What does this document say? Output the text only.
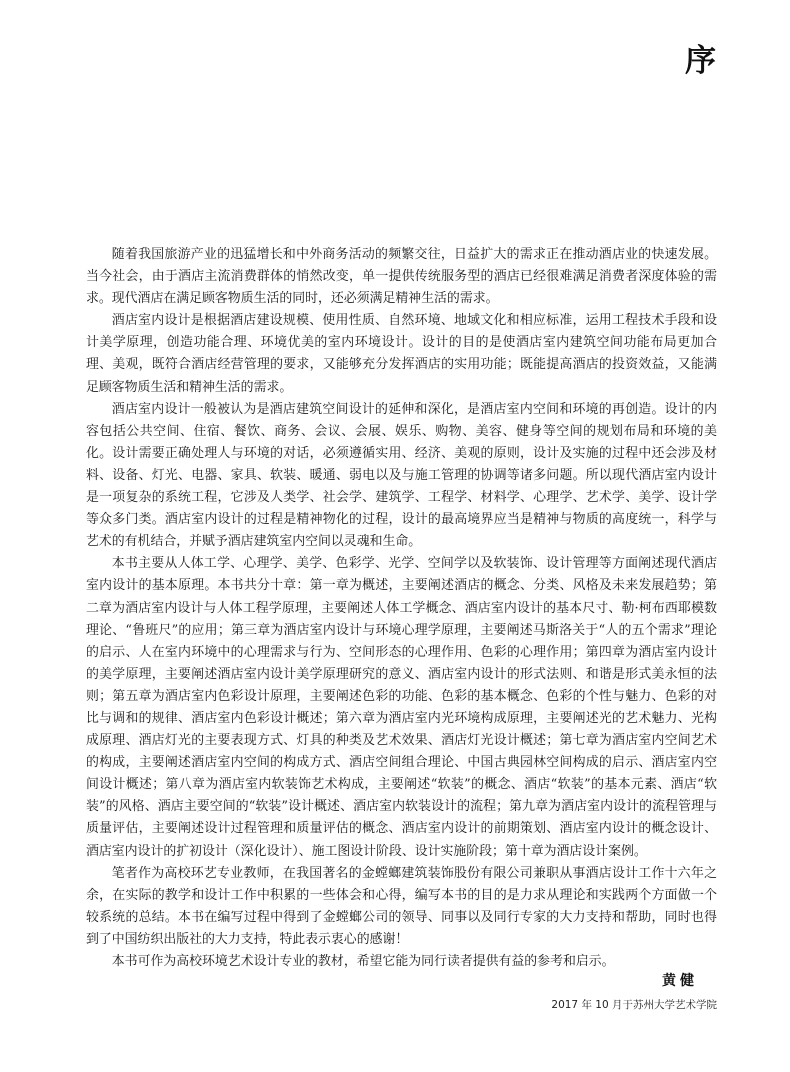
序

随着我国旅游产业的迅猛增长和中外商务活动的频繁交往，日益扩大的需求正在推动酒店业的快速发展。当今社会，由于酒店主流消费群体的悄然改变，单一提供传统服务型的酒店已经很难满足消费者深度体验的需求。现代酒店在满足顾客物质生活的同时，还必须满足精神生活的需求。

酒店室内设计是根据酒店建设规模、使用性质、自然环境、地域文化和相应标准，运用工程技术手段和设计美学原理，创造功能合理、环境优美的室内环境设计。设计的目的是使酒店室内建筑空间功能布局更加合理、美观，既符合酒店经营管理的要求，又能够充分发挥酒店的实用功能；既能提高酒店的投资效益，又能满足顾客物质生活和精神生活的需求。

酒店室内设计一般被认为是酒店建筑空间设计的延伸和深化，是酒店室内空间和环境的再创造。设计的内容包括公共空间、住宿、餐饮、商务、会议、会展、娱乐、购物、美容、健身等空间的规划布局和环境的美化。设计需要正确处理人与环境的对话，必须遵循实用、经济、美观的原则，设计及实施的过程中还会涉及材料、设备、灯光、电器、家具、软装、暖通、弱电以及与施工管理的协调等诸多问题。所以现代酒店室内设计是一项复杂的系统工程，它涉及人类学、社会学、建筑学、工程学、材料学、心理学、艺术学、美学、设计学等众多门类。酒店室内设计的过程是精神物化的过程，设计的最高境界应当是精神与物质的高度统一，科学与艺术的有机结合，并赋予酒店建筑室内空间以灵魂和生命。

本书主要从人体工学、心理学、美学、色彩学、光学、空间学以及软装饰、设计管理等方面阐述现代酒店室内设计的基本原理。本书共分十章：第一章为概述，主要阐述酒店的概念、分类、风格及未来发展趋势；第二章为酒店室内设计与人体工程学原理，主要阐述人体工学概念、酒店室内设计的基本尺寸、勒·柯布西耶模数理论、“鲁班尺”的应用；第三章为酒店室内设计与环境心理学原理，主要阐述马斯洛关于“人的五个需求”理论的启示、人在室内环境中的心理需求与行为、空间形态的心理作用、色彩的心理作用；第四章为酒店室内设计的美学原理，主要阐述酒店室内设计美学原理研究的意义、酒店室内设计的形式法则、和谐是形式美永恒的法则；第五章为酒店室内色彩设计原理，主要阐述色彩的功能、色彩的基本概念、色彩的个性与魅力、色彩的对比与调和的规律、酒店室内色彩设计概述；第六章为酒店室内光环境构成原理，主要阐述光的艺术魅力、光构成原理、酒店灯光的主要表现方式、灯具的种类及艺术效果、酒店灯光设计概述；第七章为酒店室内空间艺术的构成，主要阐述酒店室内空间的构成方式、酒店空间组合理论、中国古典园林空间构成的启示、酒店室内空间设计概述；第八章为酒店室内软装饰艺术构成，主要阐述“软装”的概念、酒店“软装”的基本元素、酒店“软装”的风格、酒店主要空间的“软装”设计概述、酒店室内软装设计的流程；第九章为酒店室内设计的流程管理与质量评估，主要阐述设计过程管理和质量评估的概念、酒店室内设计的前期策划、酒店室内设计的概念设计、酒店室内设计的扩初设计（深化设计）、施工图设计阶段、设计实施阶段；第十章为酒店设计案例。

笔者作为高校环艺专业教师，在我国著名的金螳螂建筑装饰股份有限公司兼职从事酒店设计工作十六年之余，在实际的教学和设计工作中积累的一些体会和心得，编写本书的目的是力求从理论和实践两个方面做一个较系统的总结。本书在编写过程中得到了金螳螂公司的领导、同事以及同行专家的大力支持和帮助，同时也得到了中国纺织出版社的大力支持，特此表示衷心的感谢！

本书可作为高校环境艺术设计专业的教材，希望它能为同行读者提供有益的参考和启示。

黄健
2017 年 10 月于苏州大学艺术学院
